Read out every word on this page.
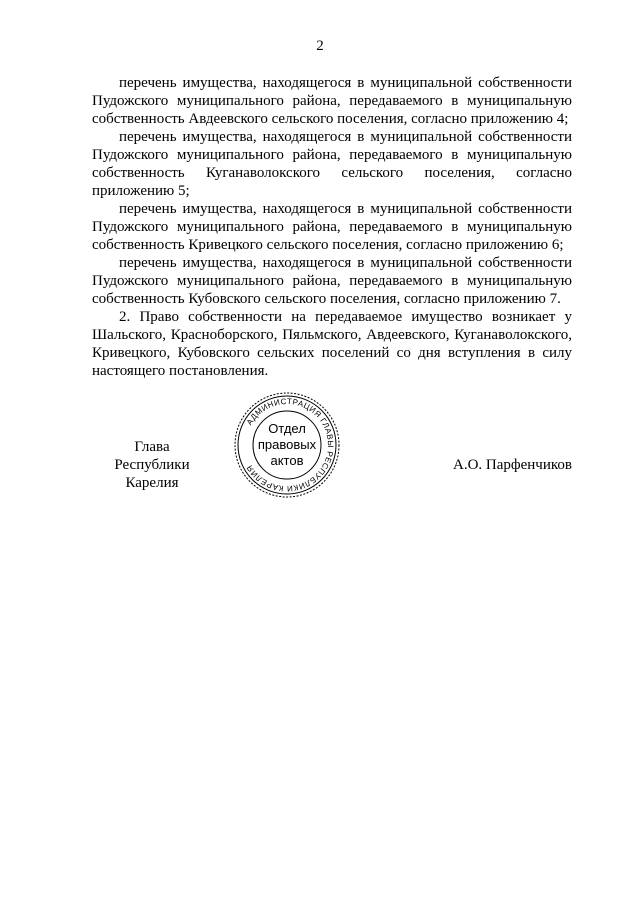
2

перечень имущества, находящегося в муниципальной собственности Пудожского муниципального района, передаваемого в муниципальную собственность Авдеевского сельского поселения, согласно приложению 4;

перечень имущества, находящегося в муниципальной собственности Пудожского муниципального района, передаваемого в муниципальную собственность Куганаволокского сельского поселения, согласно приложению 5;

перечень имущества, находящегося в муниципальной собственности Пудожского муниципального района, передаваемого в муниципальную собственность Кривецкого сельского поселения, согласно приложению 6;

перечень имущества, находящегося в муниципальной собственности Пудожского муниципального района, передаваемого в муниципальную собственность Кубовского сельского поселения, согласно приложению 7.

2. Право собственности на передаваемое имущество возникает у Шальского, Красноборского, Пяльмского, Авдеевского, Куганаволокского, Кривецкого, Кубовского сельских поселений со дня вступления в силу настоящего постановления.

Глава
Республики Карелия
АДМИНИСТРАЦИЯ ГЛАВЫ РЕСПУБЛИКИ КАРЕЛИЯ
Отдел
правовых
актов	А.О. Парфенчиков
